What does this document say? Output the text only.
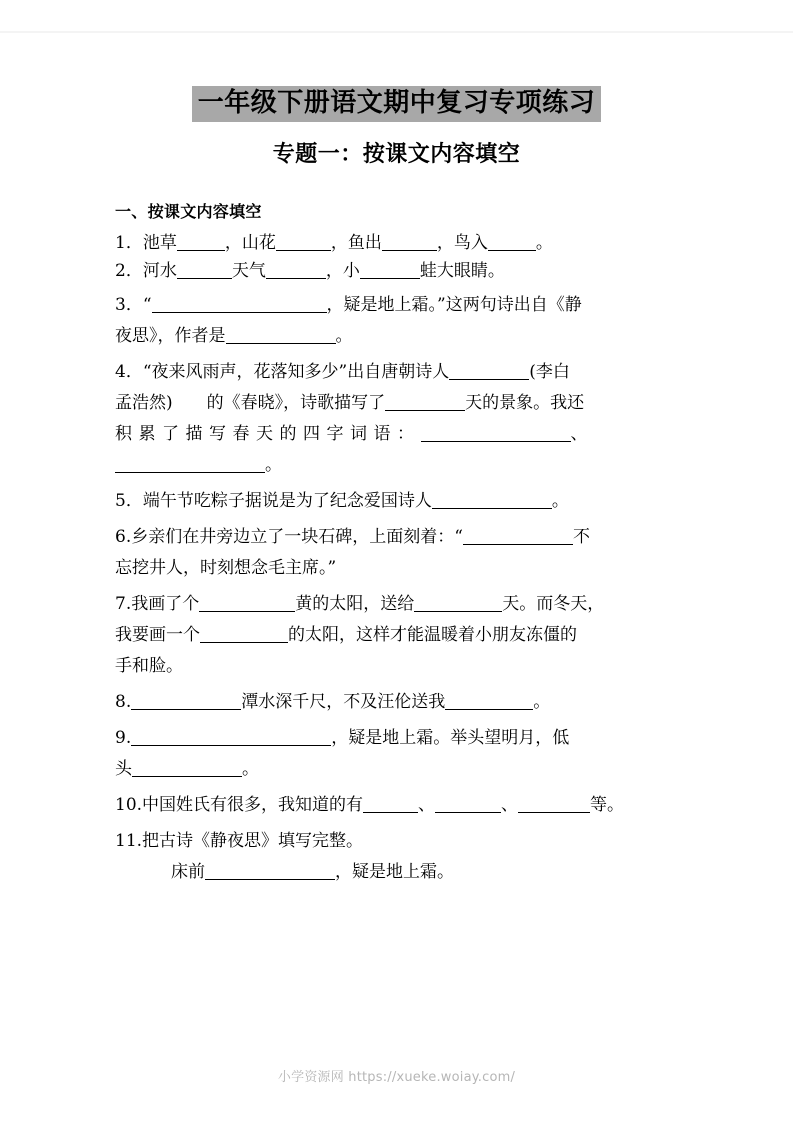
一年级下册语文期中复习专项练习
专题一：按课文内容填空

一、按课文内容填空

1．池草	，山花	，鱼出	，鸟入	。

2．河水	天气	，小	蛙大眼睛。

3．“	，疑是地上霜。”这两句诗出自《静
夜思》，作者是	。

4．“夜来风雨声，花落知多少”出自唐朝诗人	(李白
孟浩然) 的《春晓》，诗歌描写了	天的景象。我还
积累了描写春天的四字词语：	、
。

5．端午节吃粽子据说是为了纪念爱国诗人	。

6.乡亲们在井旁边立了一块石碑，上面刻着：“	不
忘挖井人，时刻想念毛主席。”

7.我画了个	黄的太阳，送给	天。而冬天，
我要画一个	的太阳，这样才能温暖着小朋友冻僵的
手和脸。

8.	潭水深千尺，不及汪伦送我	。

9.	，疑是地上霜。举头望明月，低
头	。

10.中国姓氏有很多，我知道的有	、	、	等。

11.把古诗《静夜思》填写完整。
床前	，疑是地上霜。

小学资源网 https://xueke.woiay.com/
